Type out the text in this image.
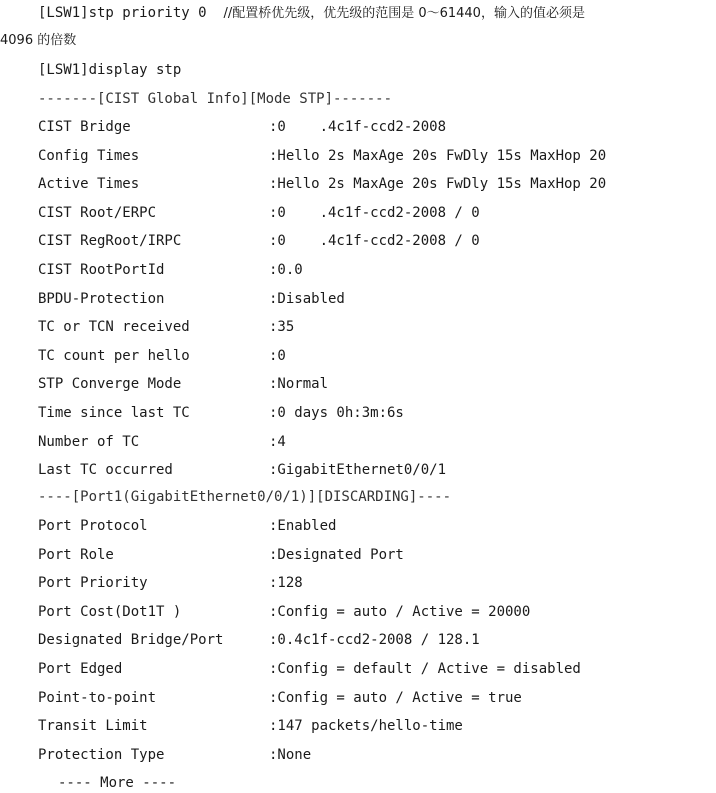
[LSW1]stp priority 0 //配置桥优先级，优先级的范围是 0～61440，输入的值必须是
4096 的倍数
[LSW1]display stp
-------[CIST Global Info][Mode STP]-------
CIST Bridge	:0    .4c1f-ccd2-2008
Config Times	:Hello 2s MaxAge 20s FwDly 15s MaxHop 20
Active Times	:Hello 2s MaxAge 20s FwDly 15s MaxHop 20
CIST Root/ERPC	:0    .4c1f-ccd2-2008 / 0
CIST RegRoot/IRPC	:0    .4c1f-ccd2-2008 / 0
CIST RootPortId	:0.0
BPDU-Protection	:Disabled
TC or TCN received	:35
TC count per hello	:0
STP Converge Mode	:Normal
Time since last TC	:0 days 0h:3m:6s
Number of TC	:4
Last TC occurred	:GigabitEthernet0/0/1
----[Port1(GigabitEthernet0/0/1)][DISCARDING]----
Port Protocol	:Enabled
Port Role	:Designated Port
Port Priority	:128
Port Cost(Dot1T )	:Config = auto / Active = 20000
Designated Bridge/Port	:0.4c1f-ccd2-2008 / 128.1
Port Edged	:Config = default / Active = disabled
Point-to-point	:Config = auto / Active = true
Transit Limit	:147 packets/hello-time
Protection Type	:None
---- More ----
